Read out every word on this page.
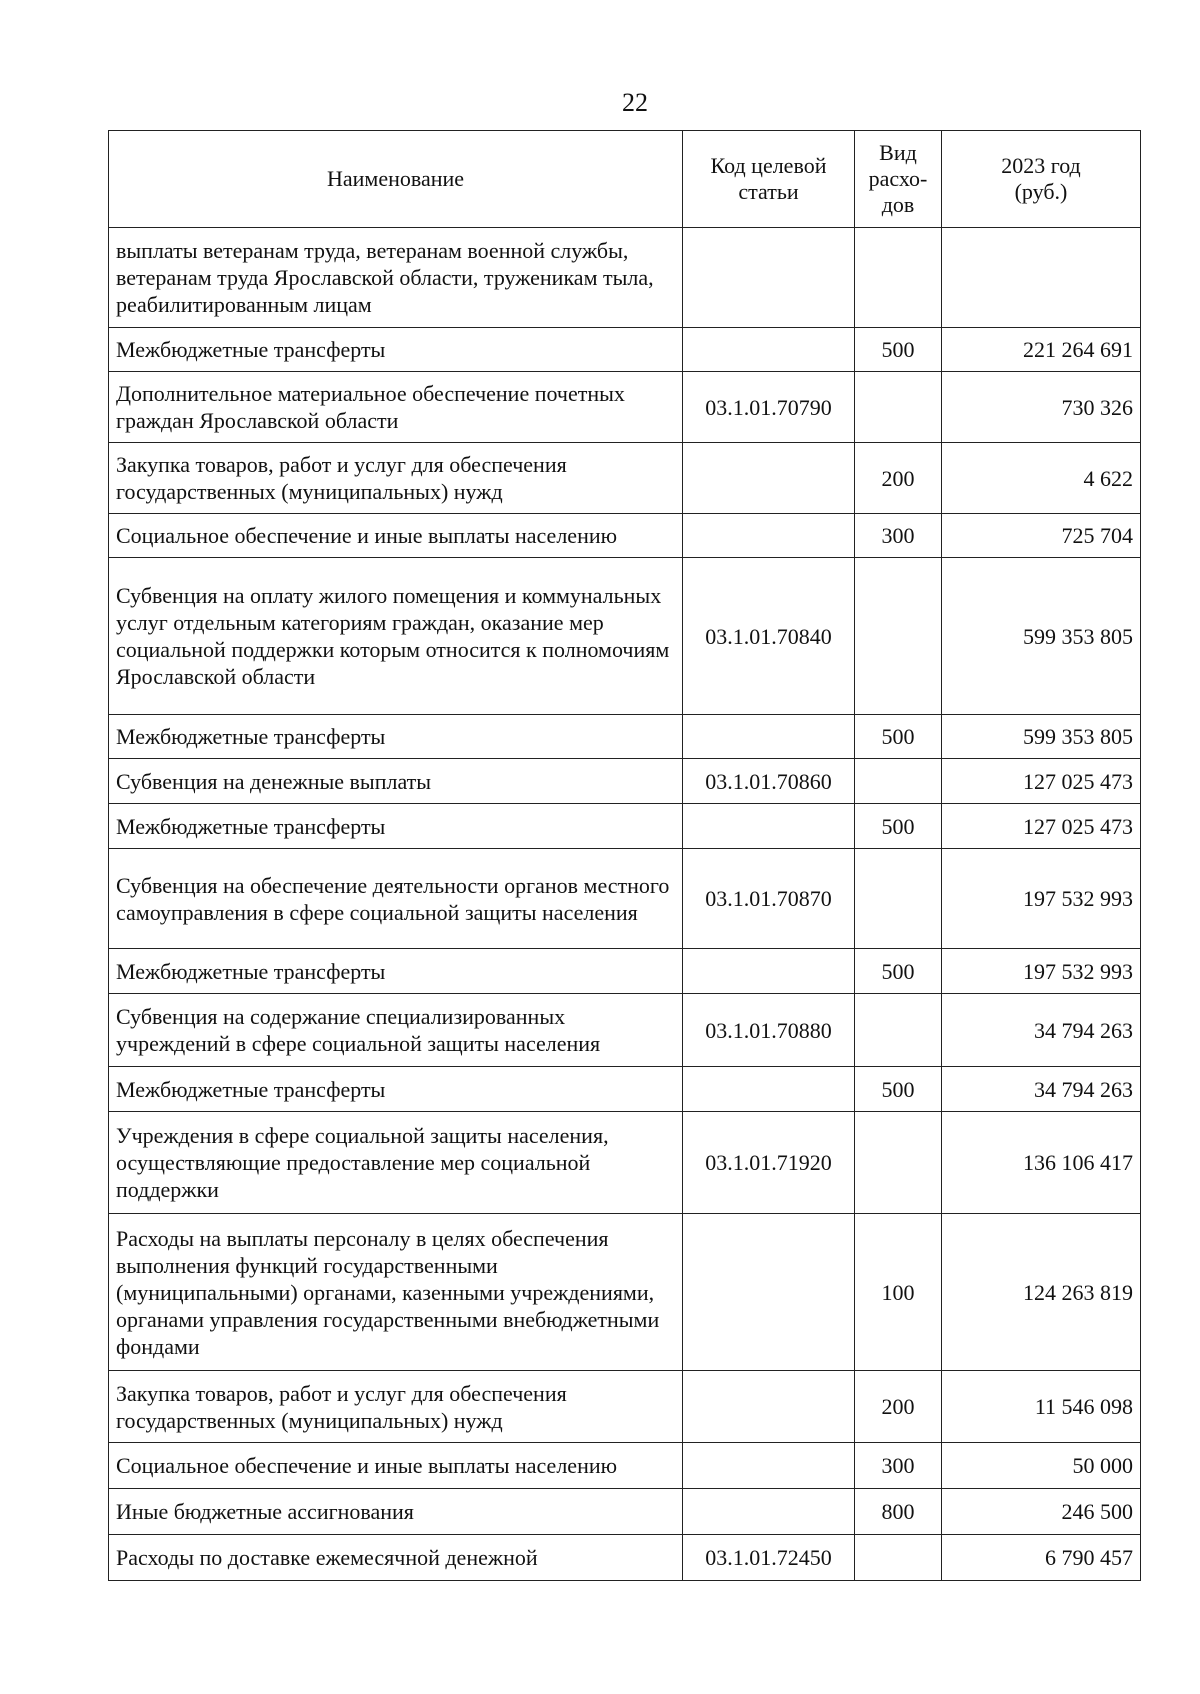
22
Наименование	Код целевой статьи	Вид расхо-дов	2023 год (руб.)
выплаты ветеранам труда, ветеранам военной службы, ветеранам труда Ярославской области, труженикам тыла, реабилитированным лицам			
Межбюджетные трансферты		500	221 264 691
Дополнительное материальное обеспечение почетных граждан Ярославской области	03.1.01.70790		730 326
Закупка товаров, работ и услуг для обеспечения государственных (муниципальных) нужд		200	4 622
Социальное обеспечение и иные выплаты населению		300	725 704
Субвенция на оплату жилого помещения и коммунальных услуг отдельным категориям граждан, оказание мер социальной поддержки которым относится к полномочиям Ярославской области	03.1.01.70840		599 353 805
Межбюджетные трансферты		500	599 353 805
Субвенция на денежные выплаты	03.1.01.70860		127 025 473
Межбюджетные трансферты		500	127 025 473
Субвенция на обеспечение деятельности органов местного самоуправления в сфере социальной защиты населения	03.1.01.70870		197 532 993
Межбюджетные трансферты		500	197 532 993
Субвенция на содержание специализированных учреждений в сфере социальной защиты населения	03.1.01.70880		34 794 263
Межбюджетные трансферты		500	34 794 263
Учреждения в сфере социальной защиты населения, осуществляющие предоставление мер социальной поддержки	03.1.01.71920		136 106 417
Расходы на выплаты персоналу в целях обеспечения выполнения функций государственными (муниципальными) органами, казенными учреждениями, органами управления государственными внебюджетными фондами		100	124 263 819
Закупка товаров, работ и услуг для обеспечения государственных (муниципальных) нужд		200	11 546 098
Социальное обеспечение и иные выплаты населению		300	50 000
Иные бюджетные ассигнования		800	246 500
Расходы по доставке ежемесячной денежной	03.1.01.72450		6 790 457
